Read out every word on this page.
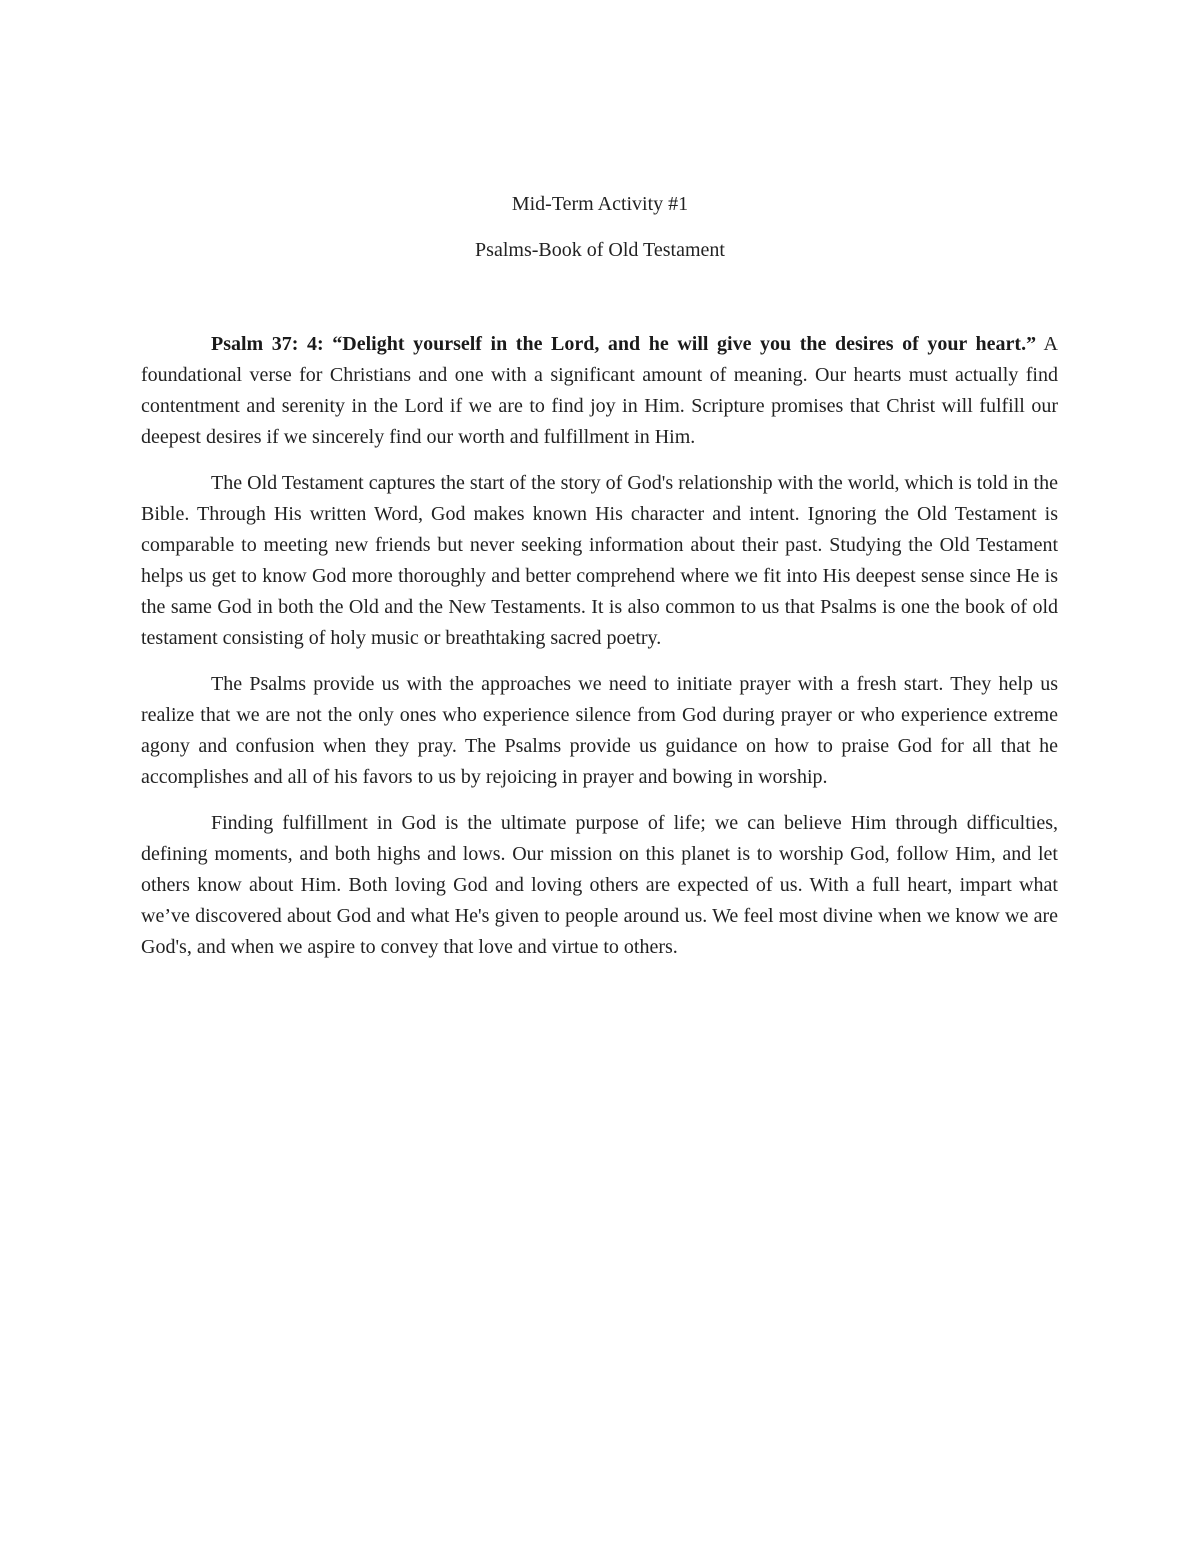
Mid-Term Activity #1
Psalms-Book of Old Testament

Psalm 37: 4: “Delight yourself in the Lord, and he will give you the desires of your heart.” A foundational verse for Christians and one with a significant amount of meaning. Our hearts must actually find contentment and serenity in the Lord if we are to find joy in Him. Scripture promises that Christ will fulfill our deepest desires if we sincerely find our worth and fulfillment in Him.

The Old Testament captures the start of the story of God's relationship with the world, which is told in the Bible. Through His written Word, God makes known His character and intent. Ignoring the Old Testament is comparable to meeting new friends but never seeking information about their past. Studying the Old Testament helps us get to know God more thoroughly and better comprehend where we fit into His deepest sense since He is the same God in both the Old and the New Testaments. It is also common to us that Psalms is one the book of old testament consisting of holy music or breathtaking sacred poetry.

The Psalms provide us with the approaches we need to initiate prayer with a fresh start. They help us realize that we are not the only ones who experience silence from God during prayer or who experience extreme agony and confusion when they pray. The Psalms provide us guidance on how to praise God for all that he accomplishes and all of his favors to us by rejoicing in prayer and bowing in worship.

Finding fulfillment in God is the ultimate purpose of life; we can believe Him through difficulties, defining moments, and both highs and lows. Our mission on this planet is to worship God, follow Him, and let others know about Him. Both loving God and loving others are expected of us. With a full heart, impart what we’ve discovered about God and what He's given to people around us. We feel most divine when we know we are God's, and when we aspire to convey that love and virtue to others.
